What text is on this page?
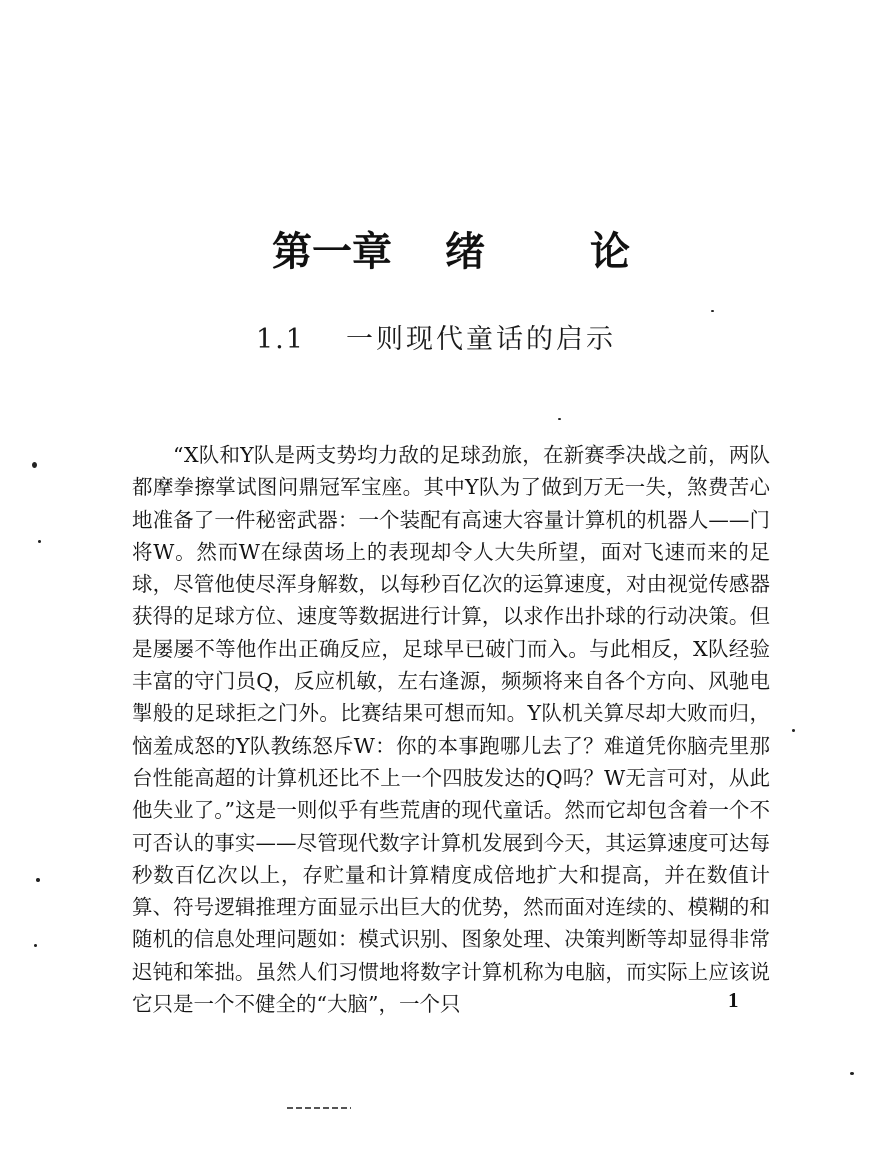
第一章 绪	论
1.1 一则现代童话的启示

“X队和Y队是两支势均力敌的足球劲旅，在新赛季决战之前，两队都摩拳擦掌试图问鼎冠军宝座。其中Y队为了做到万无一失，煞费苦心地准备了一件秘密武器：一个装配有高速大容量计算机的机器人——门将W。然而W在绿茵场上的表现却令人大失所望，面对飞速而来的足球，尽管他使尽浑身解数，以每秒百亿次的运算速度，对由视觉传感器获得的足球方位、速度等数据进行计算，以求作出扑球的行动决策。但是屡屡不等他作出正确反应，足球早已破门而入。与此相反，X队经验丰富的守门员Q，反应机敏，左右逢源，频频将来自各个方向、风驰电掣般的足球拒之门外。比赛结果可想而知。Y队机关算尽却大败而归，恼羞成怒的Y队教练怒斥W：你的本事跑哪儿去了？难道凭你脑壳里那台性能高超的计算机还比不上一个四肢发达的Q吗？W无言可对，从此他失业了。”这是一则似乎有些荒唐的现代童话。然而它却包含着一个不可否认的事实——尽管现代数字计算机发展到今天，其运算速度可达每秒数百亿次以上，存贮量和计算精度成倍地扩大和提高，并在数值计算、符号逻辑推理方面显示出巨大的优势，然而面对连续的、模糊的和随机的信息处理问题如：模式识别、图象处理、决策判断等却显得非常迟钝和笨拙。虽然人们习惯地将数字计算机称为电脑，而实际上应该说它只是一个不健全的“大脑”，一个只	1
